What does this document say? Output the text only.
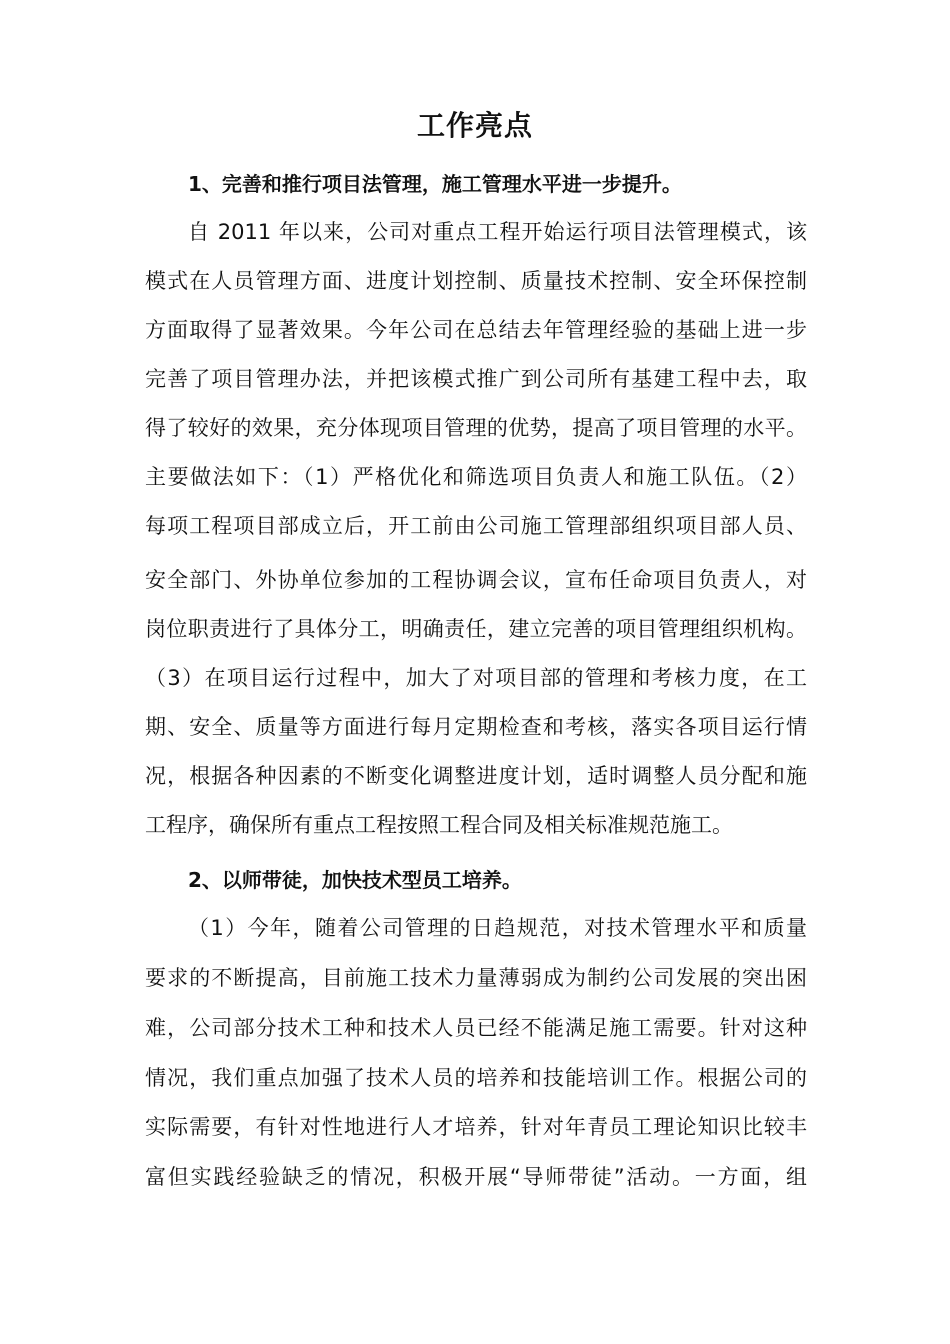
工作亮点
1、完善和推行项目法管理，施工管理水平进一步提升。
自 2011 年以来，公司对重点工程开始运行项目法管理模式，该
模式在人员管理方面、进度计划控制、质量技术控制、安全环保控制
方面取得了显著效果。今年公司在总结去年管理经验的基础上进一步
完善了项目管理办法，并把该模式推广到公司所有基建工程中去，取
得了较好的效果，充分体现项目管理的优势，提高了项目管理的水平。
主要做法如下：（1）严格优化和筛选项目负责人和施工队伍。（2）
每项工程项目部成立后，开工前由公司施工管理部组织项目部人员、
安全部门、外协单位参加的工程协调会议，宣布任命项目负责人，对
岗位职责进行了具体分工，明确责任，建立完善的项目管理组织机构。
（3）在项目运行过程中，加大了对项目部的管理和考核力度，在工
期、安全、质量等方面进行每月定期检查和考核，落实各项目运行情
况，根据各种因素的不断变化调整进度计划，适时调整人员分配和施
工程序，确保所有重点工程按照工程合同及相关标准规范施工。
2、以师带徒，加快技术型员工培养。
（1）今年，随着公司管理的日趋规范，对技术管理水平和质量
要求的不断提高，目前施工技术力量薄弱成为制约公司发展的突出困
难，公司部分技术工种和技术人员已经不能满足施工需要。针对这种
情况，我们重点加强了技术人员的培养和技能培训工作。根据公司的
实际需要，有针对性地进行人才培养，针对年青员工理论知识比较丰
富但实践经验缺乏的情况，积极开展“导师带徒”活动。一方面，组
